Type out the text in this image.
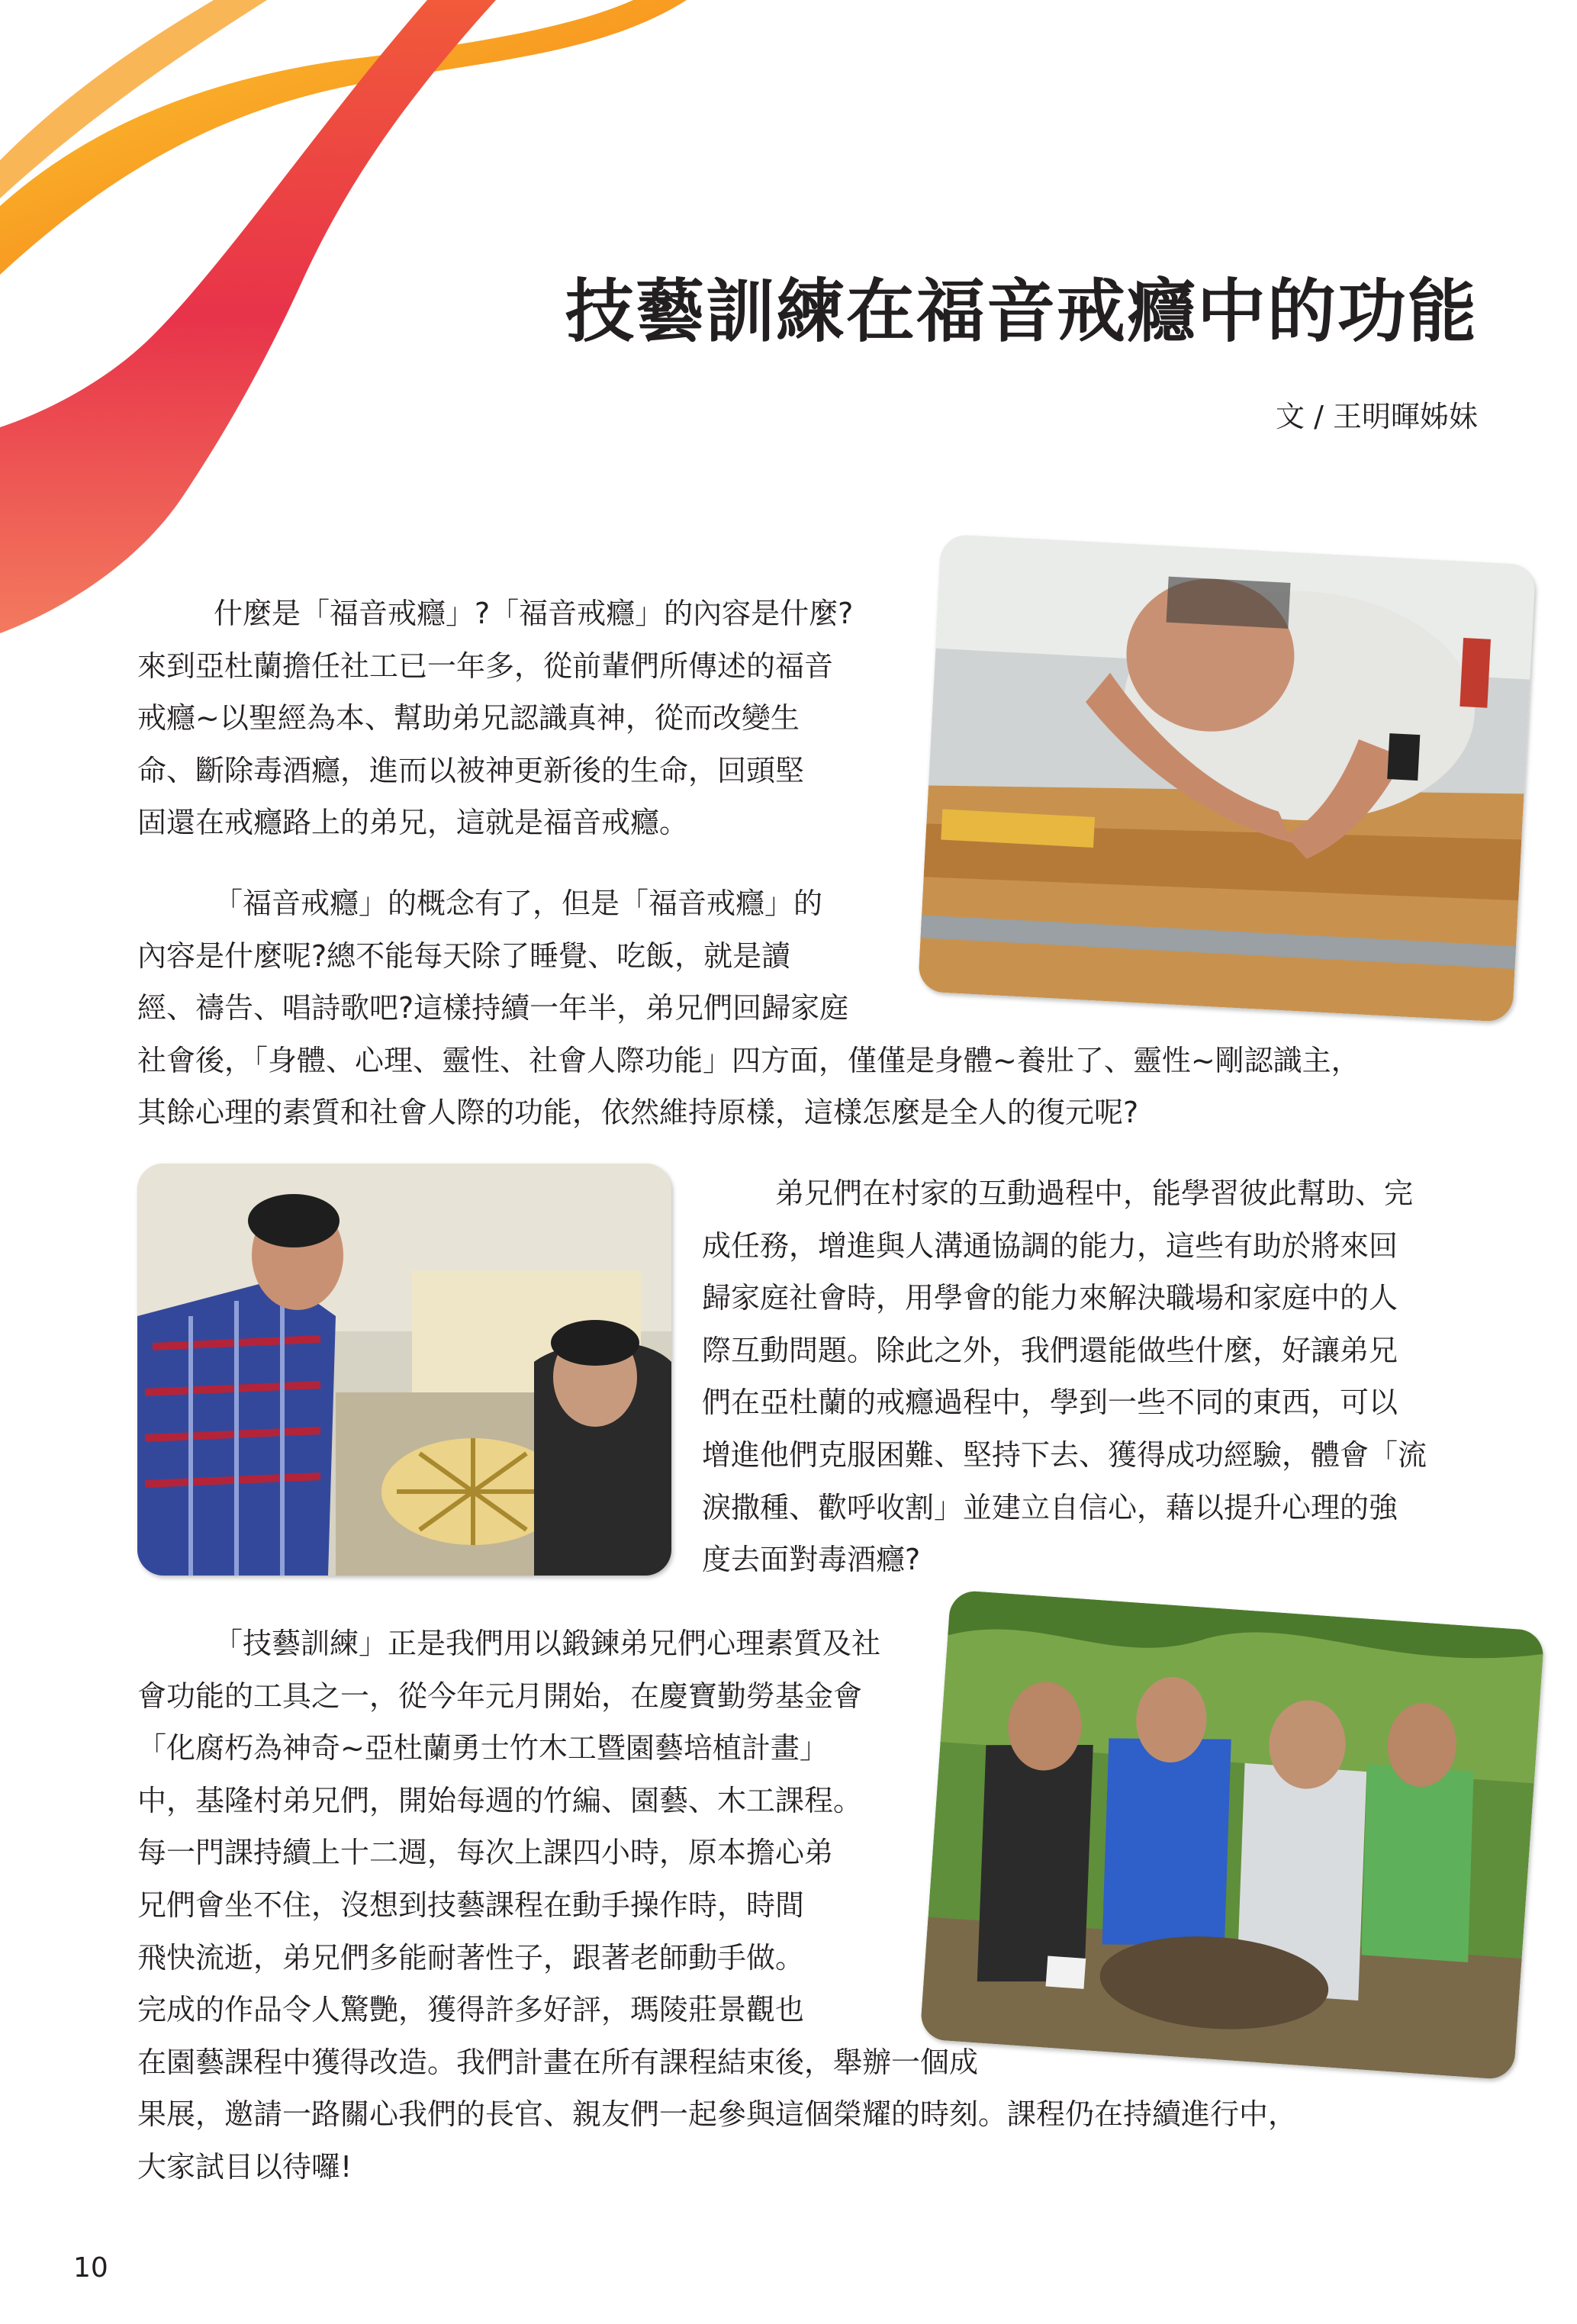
技藝訓練在福音戒癮中的功能
文 / 王明暉姊妹
什麼是「福音戒癮」?「福音戒癮」的內容是什麼?
來到亞杜蘭擔任社工已一年多，從前輩們所傳述的福音
戒癮~以聖經為本、幫助弟兄認識真神，從而改變生
命、斷除毒酒癮，進而以被神更新後的生命，回頭堅
固還在戒癮路上的弟兄，這就是福音戒癮。
「福音戒癮」的概念有了，但是「福音戒癮」的
內容是什麼呢?總不能每天除了睡覺、吃飯，就是讀
經、禱告、唱詩歌吧?這樣持續一年半，弟兄們回歸家庭
社會後，「身體、心理、靈性、社會人際功能」四方面，僅僅是身體~養壯了、靈性~剛認識主，
其餘心理的素質和社會人際的功能，依然維持原樣，這樣怎麼是全人的復元呢?
弟兄們在村家的互動過程中，能學習彼此幫助、完
成任務，增進與人溝通協調的能力，這些有助於將來回
歸家庭社會時，用學會的能力來解決職場和家庭中的人
際互動問題。除此之外，我們還能做些什麼，好讓弟兄
們在亞杜蘭的戒癮過程中，學到一些不同的東西，可以
增進他們克服困難、堅持下去、獲得成功經驗，體會「流
淚撒種、歡呼收割」並建立自信心，藉以提升心理的強
度去面對毒酒癮?
「技藝訓練」正是我們用以鍛鍊弟兄們心理素質及社
會功能的工具之一，從今年元月開始，在慶寶勤勞基金會
「化腐朽為神奇~亞杜蘭勇士竹木工暨園藝培植計畫」
中，基隆村弟兄們，開始每週的竹編、園藝、木工課程。
每一門課持續上十二週，每次上課四小時，原本擔心弟
兄們會坐不住，沒想到技藝課程在動手操作時，時間
飛快流逝，弟兄們多能耐著性子，跟著老師動手做。
完成的作品令人驚艷，獲得許多好評，瑪陵莊景觀也
在園藝課程中獲得改造。我們計畫在所有課程結束後，舉辦一個成
果展，邀請一路關心我們的長官、親友們一起參與這個榮耀的時刻。課程仍在持續進行中，
大家試目以待囉!
10
